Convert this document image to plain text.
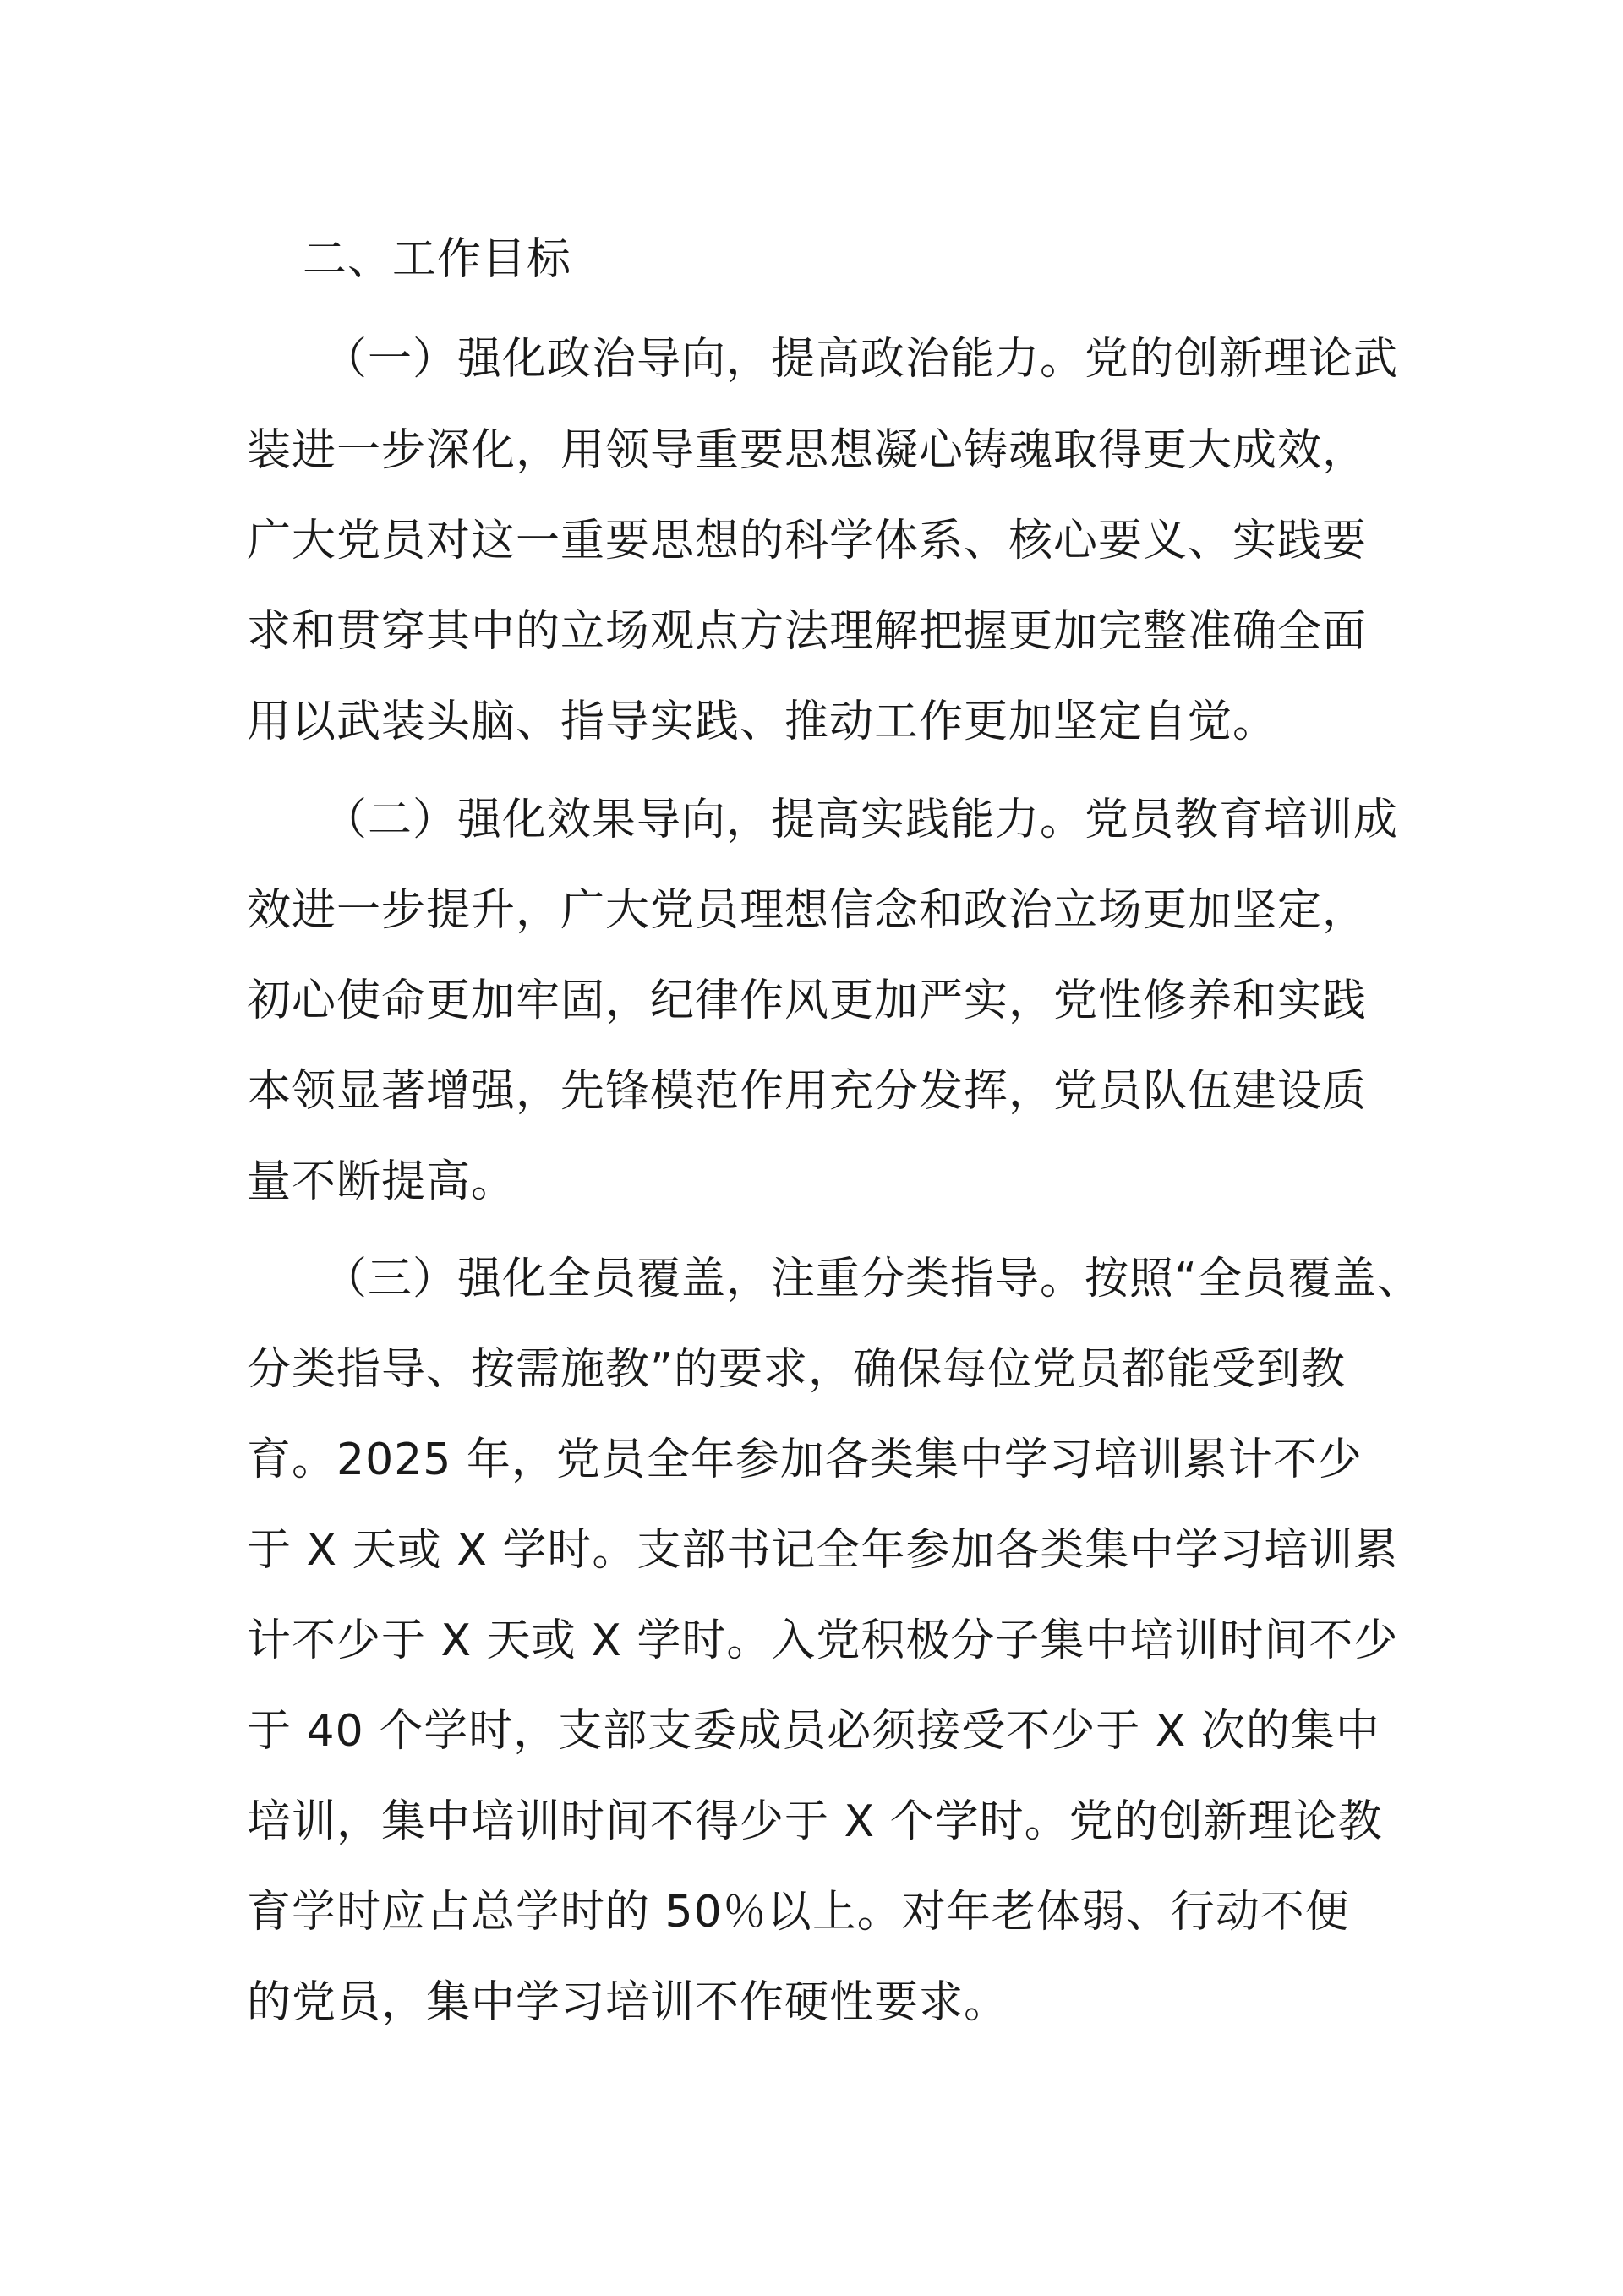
二、工作目标
（一）强化政治导向，提高政治能力。党的创新理论武
装进一步深化，用领导重要思想凝心铸魂取得更大成效，
广大党员对这一重要思想的科学体系、核心要义、实践要
求和贯穿其中的立场观点方法理解把握更加完整准确全面
用以武装头脑、指导实践、推动工作更加坚定自觉。
（二）强化效果导向，提高实践能力。党员教育培训成
效进一步提升，广大党员理想信念和政治立场更加坚定，
初心使命更加牢固，纪律作风更加严实，党性修养和实践
本领显著增强，先锋模范作用充分发挥，党员队伍建设质
量不断提高。
（三）强化全员覆盖，注重分类指导。按照“全员覆盖、
分类指导、按需施教”的要求，确保每位党员都能受到教
育。2025 年，党员全年参加各类集中学习培训累计不少
于 X 天或 X 学时。支部书记全年参加各类集中学习培训累
计不少于 X 天或 X 学时。入党积极分子集中培训时间不少
于 40 个学时，支部支委成员必须接受不少于 X 次的集中
培训，集中培训时间不得少于 X 个学时。党的创新理论教
育学时应占总学时的 50％以上。对年老体弱、行动不便
的党员，集中学习培训不作硬性要求。
